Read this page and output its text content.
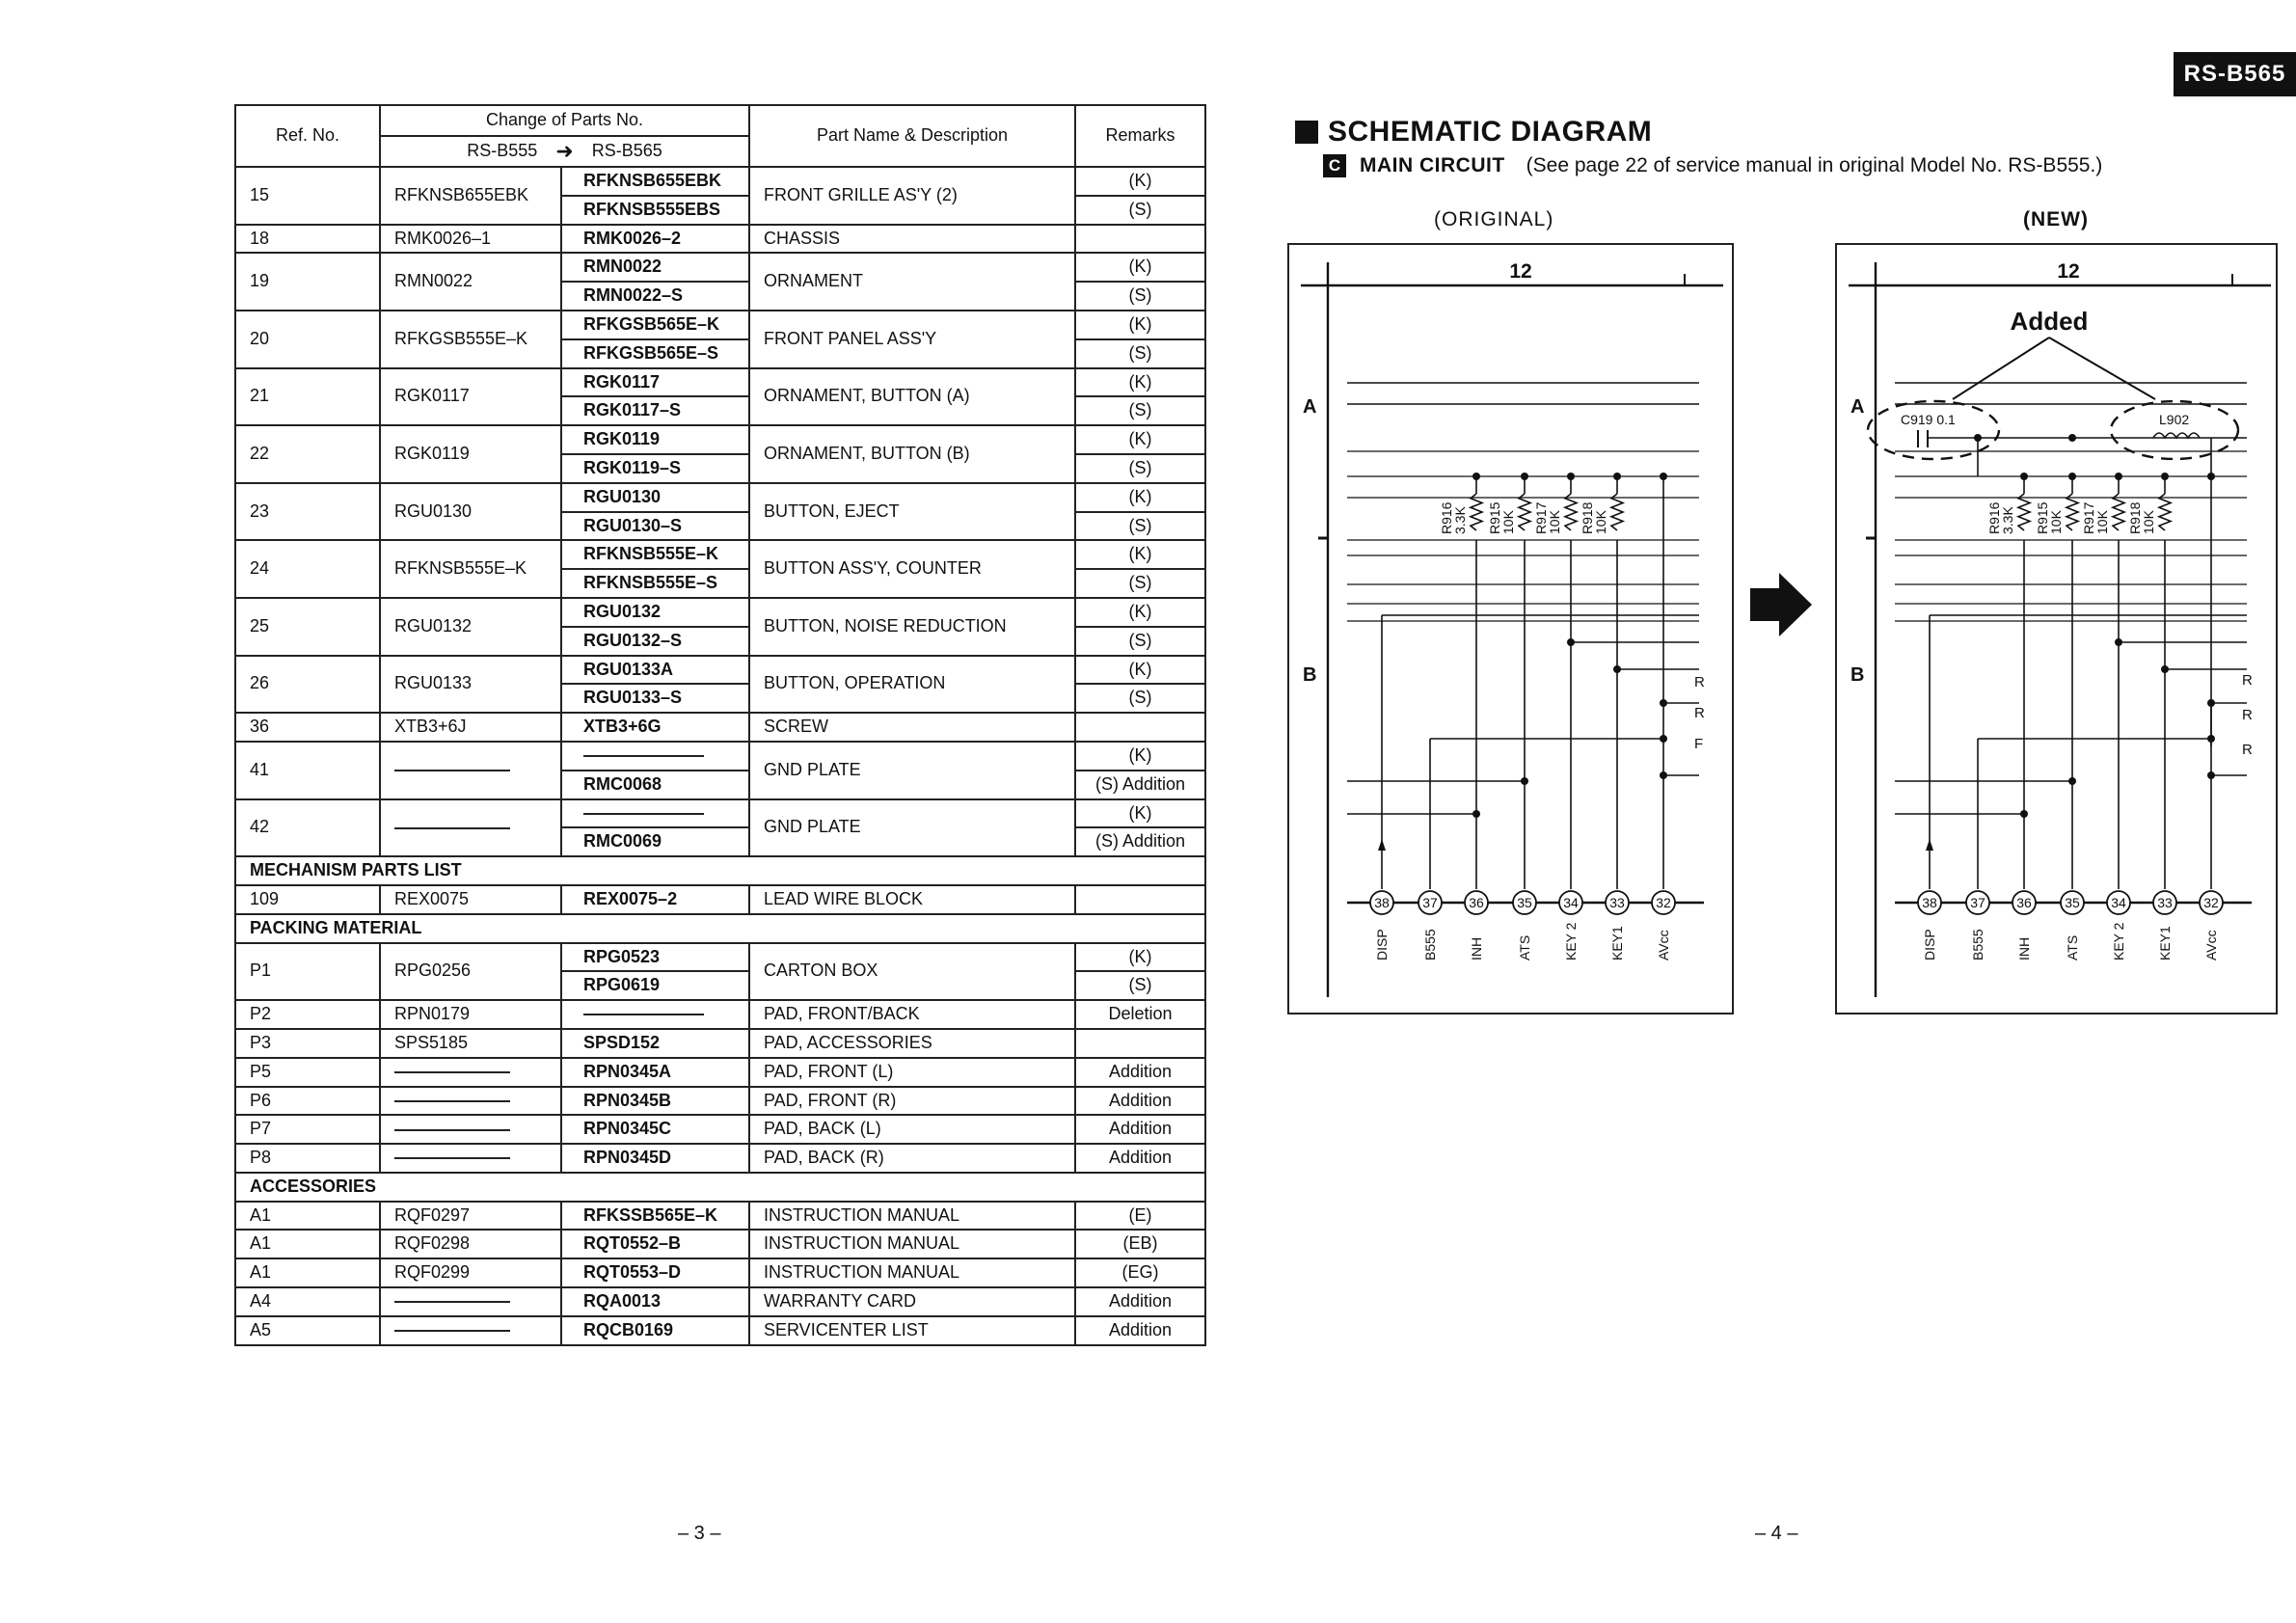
RS-B565
Ref. No.	Change of Parts No.		Part Name & Description	Remarks
	RS-B555 ➜ RS-B565			
15	RFKNSB655EBK	RFKNSB655EBK	FRONT GRILLE AS'Y (2)	(K)
		RFKNSB555EBS		(S)
18	RMK0026–1	RMK0026–2	CHASSIS	
19	RMN0022	RMN0022	ORNAMENT	(K)
		RMN0022–S		(S)
20	RFKGSB555E–K	RFKGSB565E–K	FRONT PANEL ASS'Y	(K)
		RFKGSB565E–S		(S)
21	RGK0117	RGK0117	ORNAMENT, BUTTON (A)	(K)
		RGK0117–S		(S)
22	RGK0119	RGK0119	ORNAMENT, BUTTON (B)	(K)
		RGK0119–S		(S)
23	RGU0130	RGU0130	BUTTON, EJECT	(K)
		RGU0130–S		(S)
24	RFKNSB555E–K	RFKNSB555E–K	BUTTON ASS'Y, COUNTER	(K)
		RFKNSB555E–S		(S)
25	RGU0132	RGU0132	BUTTON, NOISE REDUCTION	(K)
		RGU0132–S		(S)
26	RGU0133	RGU0133A	BUTTON, OPERATION	(K)
		RGU0133–S		(S)
36	XTB3+6J	XTB3+6G	SCREW	
41			GND PLATE	(K)
		RMC0068		(S) Addition
42			GND PLATE	(K)
		RMC0069		(S) Addition
MECHANISM PARTS LIST				
109	REX0075	REX0075–2	LEAD WIRE BLOCK	
PACKING MATERIAL				
P1	RPG0256	RPG0523	CARTON BOX	(K)
		RPG0619		(S)
P2	RPN0179		PAD, FRONT/BACK	Deletion
P3	SPS5185	SPSD152	PAD, ACCESSORIES	
P5		RPN0345A	PAD, FRONT (L)	Addition
P6		RPN0345B	PAD, FRONT (R)	Addition
P7		RPN0345C	PAD, BACK (L)	Addition
P8		RPN0345D	PAD, BACK (R)	Addition
ACCESSORIES				
A1	RQF0297	RFKSSB565E–K	INSTRUCTION MANUAL	(E)
A1	RQF0298	RQT0552–B	INSTRUCTION MANUAL	(EB)
A1	RQF0299	RQT0553–D	INSTRUCTION MANUAL	(EG)
A4		RQA0013	WARRANTY CARD	Addition
A5		RQCB0169	SERVICENTER LIST	Addition
SCHEMATIC DIAGRAM
C MAIN CIRCUIT (See page 22 of service manual in original Model No. RS-B555.)
(ORIGINAL)	(NEW)
12
A
B
R916
3.3K R915
10K R917
10K R918
10K
R
R
F
38
DISP
37
B555
36
INH
35
ATS
34
KEY 2
33
KEY1
32
AVcc
12
A
B
R916
3.3K R915
10K R917
10K R918
10K
R
R
R
38
DISP
37
B555
36
INH
35
ATS
34
KEY 2
33
KEY1
32
AVcc
Added
C919 0.1	L902
– 3 –	– 4 –
